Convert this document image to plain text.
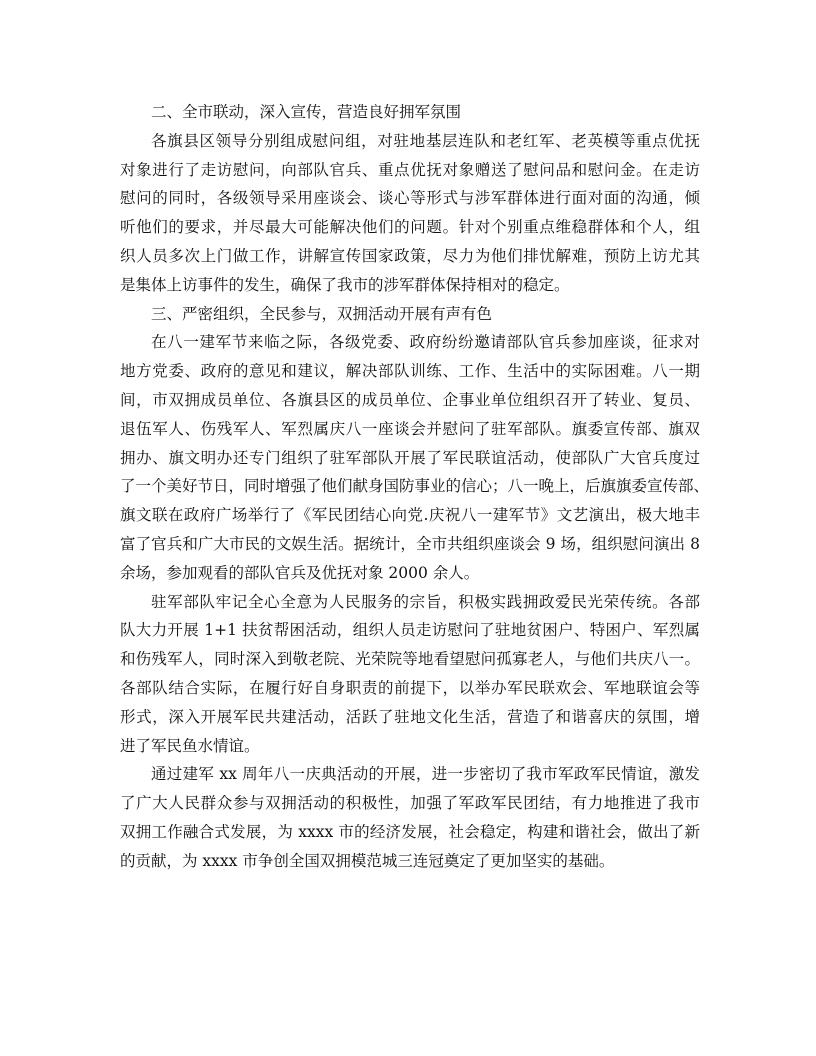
二、全市联动，深入宣传，营造良好拥军氛围

各旗县区领导分别组成慰问组，对驻地基层连队和老红军、老英模等重点优抚

对象进行了走访慰问，向部队官兵、重点优抚对象赠送了慰问品和慰问金。在走访

慰问的同时，各级领导采用座谈会、谈心等形式与涉军群体进行面对面的沟通，倾

听他们的要求，并尽最大可能解决他们的问题。针对个别重点维稳群体和个人，组

织人员多次上门做工作，讲解宣传国家政策，尽力为他们排忧解难，预防上访尤其

是集体上访事件的发生，确保了我市的涉军群体保持相对的稳定。

三、严密组织，全民参与，双拥活动开展有声有色

在八一建军节来临之际，各级党委、政府纷纷邀请部队官兵参加座谈，征求对

地方党委、政府的意见和建议，解决部队训练、工作、生活中的实际困难。八一期

间，市双拥成员单位、各旗县区的成员单位、企事业单位组织召开了转业、复员、

退伍军人、伤残军人、军烈属庆八一座谈会并慰问了驻军部队。旗委宣传部、旗双

拥办、旗文明办还专门组织了驻军部队开展了军民联谊活动，使部队广大官兵度过

了一个美好节日，同时增强了他们献身国防事业的信心；八一晚上，后旗旗委宣传部、

旗文联在政府广场举行了《军民团结心向党.庆祝八一建军节》文艺演出，极大地丰

富了官兵和广大市民的文娱生活。据统计，全市共组织座谈会 9 场，组织慰问演出 8

余场，参加观看的部队官兵及优抚对象 2000 余人。

驻军部队牢记全心全意为人民服务的宗旨，积极实践拥政爱民光荣传统。各部

队大力开展 1+1 扶贫帮困活动，组织人员走访慰问了驻地贫困户、特困户、军烈属

和伤残军人，同时深入到敬老院、光荣院等地看望慰问孤寡老人，与他们共庆八一。

各部队结合实际，在履行好自身职责的前提下，以举办军民联欢会、军地联谊会等

形式，深入开展军民共建活动，活跃了驻地文化生活，营造了和谐喜庆的氛围，增

进了军民鱼水情谊。

通过建军 xx 周年八一庆典活动的开展，进一步密切了我市军政军民情谊，激发

了广大人民群众参与双拥活动的积极性，加强了军政军民团结，有力地推进了我市

双拥工作融合式发展，为 xxxx 市的经济发展，社会稳定，构建和谐社会，做出了新

的贡献，为 xxxx 市争创全国双拥模范城三连冠奠定了更加坚实的基础。
